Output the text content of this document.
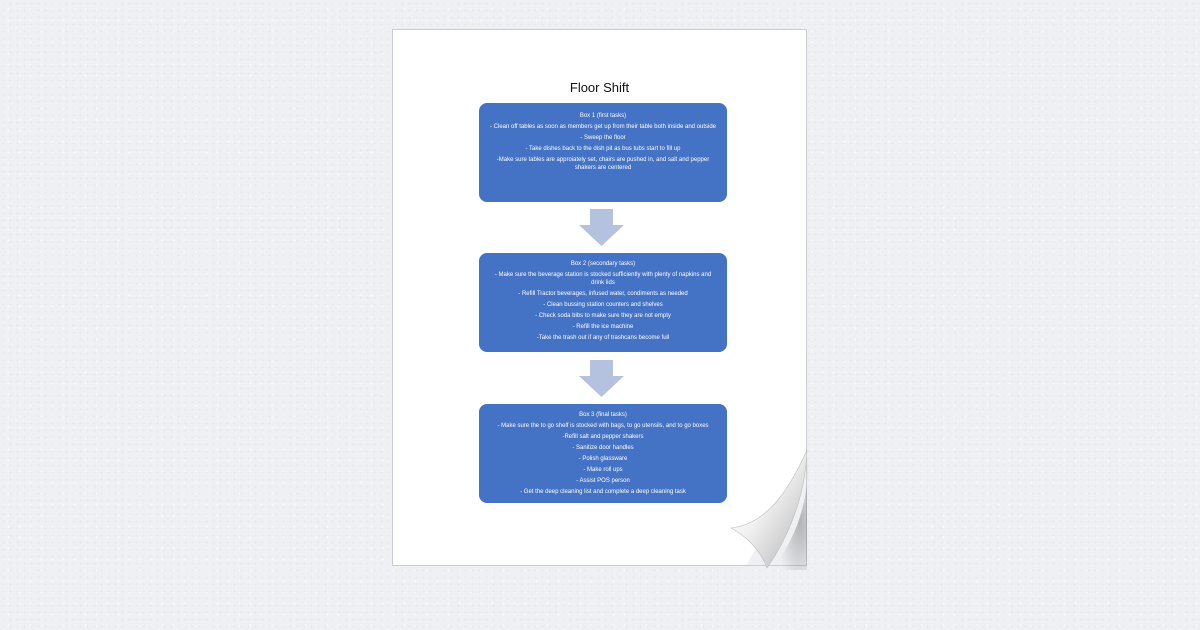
Floor Shift
Box 1 (first tasks)
- Clean off tables as soon as members get up from their table both inside and outside
- Sweep the floor
- Take dishes back to the dish pit as bus tubs start to fill up
-Make sure tables are approiately set, chairs are pushed in, and salt and pepper shakers are centered
Box 2 (secondary tasks)
- Make sure the beverage station is stocked sufficiently with plenty of napkins and drink lids
- Refill Tractor beverages, infused water, condiments as needed
- Clean bussing station counters and shelves
- Check soda bibs to make sure they are not empty
- Refill the ice machine
-Take the trash out if any of trashcans become full
Box 3 (final tasks)
- Make sure the to go shelf is stocked with bags, to go utensils, and to go boxes
-Refill salt and pepper shakers
- Sanitize door handles
- Polish glassware
- Make roll ups
- Assist POS person
- Get the deep cleaning list and complete a deep cleaning task
